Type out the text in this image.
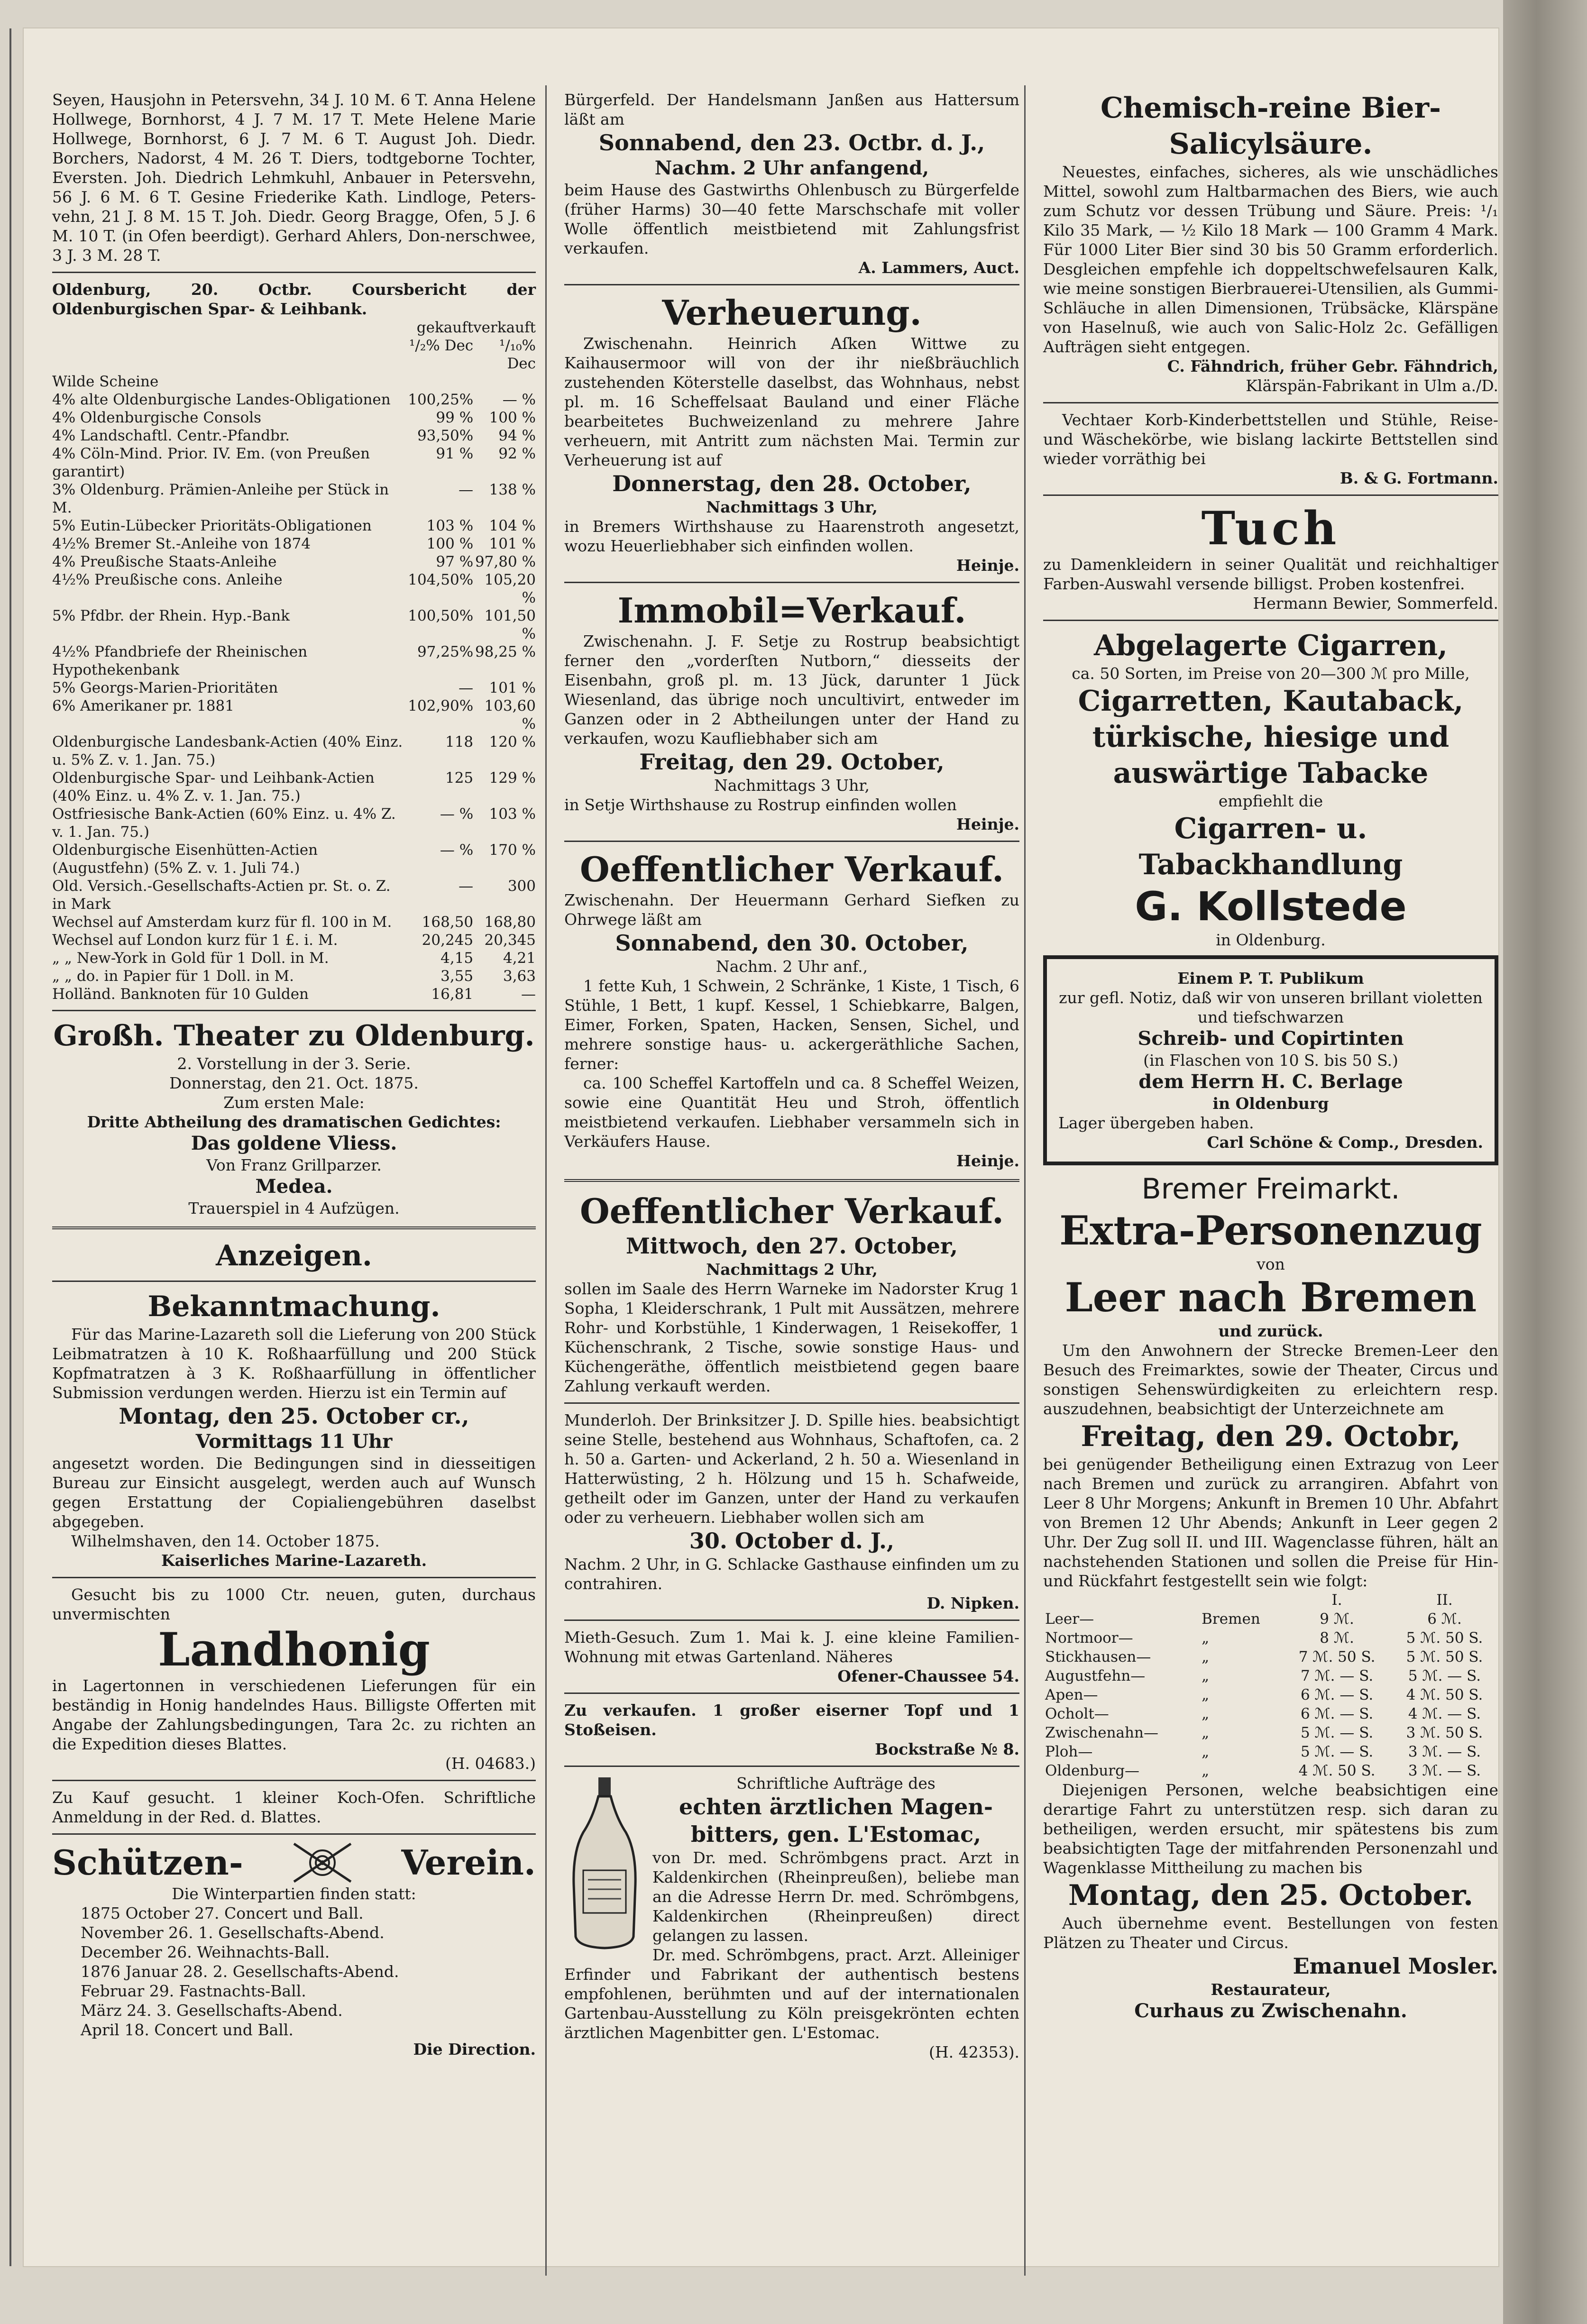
Seyen, Hausjohn in Petersvehn, 34 J. 10 M. 6 T. Anna Helene Hollwege, Bornhorst, 4 J. 7 M. 17 T. Mete Helene Marie Hollwege, Bornhorst, 6 J. 7 M. 6 T. August Joh. Diedr. Borchers, Nadorst, 4 M. 26 T. Diers, todtgeborne Tochter, Eversten. Joh. Diedrich Lehmkuhl, Anbauer in Petersvehn, 56 J. 6 M. 6 T. Gesine Friederike Kath. Lindloge, Peters-vehn, 21 J. 8 M. 15 T. Joh. Diedr. Georg Bragge, Ofen, 5 J. 6 M. 10 T. (in Ofen beerdigt). Gerhard Ahlers, Don-nerschwee, 3 J. 3 M. 28 T.

Oldenburg, 20. Octbr. Coursbericht der Oldenburgischen Spar- & Leihbank.

	gekauft ¹/₂% Dec	verkauft ¹/₁₀% Dec
Wilde Scheine		
4% alte Oldenburgische Landes-Obligationen	100,25%	— %
4% Oldenburgische Consols	99 %	100 %
4% Landschaftl. Centr.-Pfandbr.	93,50%	94 %
4% Cöln-Mind. Prior. IV. Em. (von Preußen garantirt)	91 %	92 %
3% Oldenburg. Prämien-Anleihe per Stück in M.	—	138 %
5% Eutin-Lübecker Prioritäts-Obligationen	103 %	104 %
4½% Bremer St.-Anleihe von 1874	100 %	101 %
4% Preußische Staats-Anleihe	97 %	97,80 %
4½% Preußische cons. Anleihe	104,50%	105,20 %
5% Pfdbr. der Rhein. Hyp.-Bank	100,50%	101,50 %
4½% Pfandbriefe der Rheinischen Hypothekenbank	97,25%	98,25 %
5% Georgs-Marien-Prioritäten	—	101 %
6% Amerikaner pr. 1881	102,90%	103,60 %
Oldenburgische Landesbank-Actien (40% Einz. u. 5% Z. v. 1. Jan. 75.)	118	120 %
Oldenburgische Spar- und Leihbank-Actien (40% Einz. u. 4% Z. v. 1. Jan. 75.)	125	129 %
Ostfriesische Bank-Actien (60% Einz. u. 4% Z. v. 1. Jan. 75.)	— %	103 %
Oldenburgische Eisenhütten-Actien (Augustfehn) (5% Z. v. 1. Juli 74.)	— %	170 %
Old. Versich.-Gesellschafts-Actien pr. St. o. Z. in Mark	—	300
Wechsel auf Amsterdam kurz für fl. 100 in M.	168,50	168,80
Wechsel auf London kurz für 1 £. i. M.	20,245	20,345
„ „ New-York in Gold für 1 Doll. in M.	4,15	4,21
„ „ do. in Papier für 1 Doll. in M.	3,55	3,63
Holländ. Banknoten für 10 Gulden	16,81	—
Großh. Theater zu Oldenburg.
2. Vorstellung in der 3. Serie.
Donnerstag, den 21. Oct. 1875.
Zum ersten Male:
Dritte Abtheilung des dramatischen Gedichtes:
Das goldene Vliess.
Von Franz Grillparzer.
Medea.
Trauerspiel in 4 Aufzügen.
Anzeigen.
Bekanntmachung.

Für das Marine-Lazareth soll die Lieferung von 200 Stück Leibmatratzen à 10 K. Roßhaarfüllung und 200 Stück Kopfmatratzen à 3 K. Roßhaarfüllung in öffentlicher Submission verdungen werden. Hierzu ist ein Termin auf

Montag, den 25. October cr.,
Vormittags 11 Uhr

angesetzt worden. Die Bedingungen sind in diesseitigen Bureau zur Einsicht ausgelegt, werden auch auf Wunsch gegen Erstattung der Copialiengebühren daselbst abgegeben.

Wilhelmshaven, den 14. October 1875.
Kaiserliches Marine-Lazareth.

Gesucht bis zu 1000 Ctr. neuen, guten, durchaus unvermischten

Landhonig

in Lagertonnen in verschiedenen Lieferungen für ein beständig in Honig handelndes Haus. Billigste Offerten mit Angabe der Zahlungsbedingungen, Tara 2c. zu richten an die Expedition dieses Blattes.

(H. 04683.)

Zu Kauf gesucht. 1 kleiner Koch-Ofen. Schriftliche Anmeldung in der Red. d. Blattes.

Schützen-	Verein.
Die Winterpartien finden statt:
1875 October 27. Concert und Ball.
November 26. 1. Gesellschafts-Abend.
December 26. Weihnachts-Ball.
1876 Januar 28. 2. Gesellschafts-Abend.
Februar 29. Fastnachts-Ball.
März 24. 3. Gesellschafts-Abend.
April 18. Concert und Ball.
Die Direction.

Bürgerfeld. Der Handelsmann Janßen aus Hattersum läßt am

Sonnabend, den 23. Octbr. d. J.,
Nachm. 2 Uhr anfangend,

beim Hause des Gastwirths Ohlenbusch zu Bürgerfelde (früher Harms) 30—40 fette Marschschafe mit voller Wolle öffentlich meistbietend mit Zahlungsfrist verkaufen.

A. Lammers, Auct.
Verheuerung.

Zwischenahn. Heinrich Aſken Wittwe zu Kaihausermoor will von der ihr nießbräuchlich zustehenden Köterstelle daselbst, das Wohnhaus, nebst pl. m. 16 Scheffelsaat Bauland und einer Fläche bearbeitetes Buchweizenland zu mehrere Jahre verheuern, mit Antritt zum nächsten Mai. Termin zur Verheuerung ist auf

Donnerstag, den 28. October,
Nachmittags 3 Uhr,

in Bremers Wirthshause zu Haarenstroth angesetzt, wozu Heuerliebhaber sich einfinden wollen.

Heinje.
Immobil=Verkauf.

Zwischenahn. J. F. Setje zu Rostrup beabsichtigt ferner den „vorderſten Nutborn,“ diesseits der Eisenbahn, groß pl. m. 13 Jück, darunter 1 Jück Wiesenland, das übrige noch uncultivirt, entweder im Ganzen oder in 2 Abtheilungen unter der Hand zu verkaufen, wozu Kaufliebhaber sich am

Freitag, den 29. October,
Nachmittags 3 Uhr,

in Setje Wirthshause zu Rostrup einfinden wollen

Heinje.
Oeffentlicher Verkauf.

Zwischenahn. Der Heuermann Gerhard Siefken zu Ohrwege läßt am

Sonnabend, den 30. October,
Nachm. 2 Uhr anf.,

1 fette Kuh, 1 Schwein, 2 Schränke, 1 Kiste, 1 Tisch, 6 Stühle, 1 Bett, 1 kupf. Kessel, 1 Schiebkarre, Balgen, Eimer, Forken, Spaten, Hacken, Sensen, Sichel, und mehrere sonstige haus- u. ackergeräthliche Sachen, ferner:

ca. 100 Scheffel Kartoffeln und ca. 8 Scheffel Weizen, sowie eine Quantität Heu und Stroh, öffentlich meistbietend verkaufen. Liebhaber versammeln sich in Verkäufers Hause.

Heinje.
Oeffentlicher Verkauf.
Mittwoch, den 27. October,
Nachmittags 2 Uhr,

sollen im Saale des Herrn Warneke im Nadorster Krug 1 Sopha, 1 Kleiderschrank, 1 Pult mit Aussätzen, mehrere Rohr- und Korbstühle, 1 Kinderwagen, 1 Reisekoffer, 1 Küchenschrank, 2 Tische, sowie sonstige Haus- und Küchengeräthe, öffentlich meistbietend gegen baare Zahlung verkauft werden.

Munderloh. Der Brinksitzer J. D. Spille hies. beabsichtigt seine Stelle, bestehend aus Wohnhaus, Schaftofen, ca. 2 h. 50 a. Garten- und Ackerland, 2 h. 50 a. Wiesenland in Hatterwüsting, 2 h. Hölzung und 15 h. Schafweide, getheilt oder im Ganzen, unter der Hand zu verkaufen oder zu verheuern. Liebhaber wollen sich am

30. October d. J.,

Nachm. 2 Uhr, in G. Schlacke Gasthause einfinden um zu contrahiren.

D. Nipken.

Mieth-Gesuch. Zum 1. Mai k. J. eine kleine Familien-Wohnung mit etwas Gartenland. Näheres

Ofener-Chaussee 54.

Zu verkaufen. 1 großer eiserner Topf und 1 Stoßeisen.

Bockstraße № 8.
Schriftliche Aufträge des
echten ärztlichen Magen-
bitters, gen. L'Estomac,

von Dr. med. Schrömbgens pract. Arzt in Kaldenkirchen (Rheinpreußen), beliebe man an die Adresse Herrn Dr. med. Schrömbgens, Kaldenkirchen (Rheinpreußen) direct gelangen zu lassen.

Dr. med. Schrömbgens, pract. Arzt. Alleiniger Erfinder und Fabrikant der authentisch bestens empfohlenen, berühmten und auf der internationalen Gartenbau-Ausstellung zu Köln preisgekrönten echten ärztlichen Magenbitter gen. L'Estomac.

(H. 42353).
Chemisch-reine Bier-Salicylsäure.

Neuestes, einfaches, sicheres, als wie unschädliches Mittel, sowohl zum Haltbarmachen des Biers, wie auch zum Schutz vor dessen Trübung und Säure. Preis: ¹/₁ Kilo 35 Mark, — ½ Kilo 18 Mark — 100 Gramm 4 Mark. Für 1000 Liter Bier sind 30 bis 50 Gramm erforderlich. Desgleichen empfehle ich doppeltschwefelsauren Kalk, wie meine sonstigen Bierbrauerei-Utensilien, als Gummi-Schläuche in allen Dimensionen, Trübsäcke, Klärspäne von Haselnuß, wie auch von Salic-Holz 2c. Gefälligen Aufträgen sieht entgegen.

C. Fähndrich, früher Gebr. Fähndrich,
Klärspän-Fabrikant in Ulm a./D.

Vechtaer Korb-Kinderbettstellen und Stühle, Reise- und Wäschekörbe, wie bislang lackirte Bettstellen sind wieder vorräthig bei

B. & G. Fortmann.
Tuch

zu Damenkleidern in seiner Qualität und reichhaltiger Farben-Auswahl versende billigst. Proben kostenfrei.

Hermann Bewier, Sommerfeld.
Abgelagerte Cigarren,
ca. 50 Sorten, im Preise von 20—300 ℳ pro Mille,
Cigarretten, Kautaback,
türkische, hiesige und
auswärtige Tabacke
empfiehlt die
Cigarren- u. Tabackhandlung
G. Kollstede
in Oldenburg.
Einem P. T. Publikum
zur gefl. Notiz, daß wir von unseren brillant violetten und tiefschwarzen
Schreib- und Copirtinten
(in Flaschen von 10 S. bis 50 S.)
dem Herrn H. C. Berlage
in Oldenburg
Lager übergeben haben.
Carl Schöne & Comp., Dresden.
Bremer Freimarkt.
Extra-Personenzug
von
Leer nach Bremen
und zurück.

Um den Anwohnern der Strecke Bremen-Leer den Besuch des Freimarktes, sowie der Theater, Circus und sonstigen Sehenswürdigkeiten zu erleichtern resp. auszudehnen, beabsichtigt der Unterzeichnete am

Freitag, den 29. Octobr,

bei genügender Betheiligung einen Extrazug von Leer nach Bremen und zurück zu arrangiren. Abfahrt von Leer 8 Uhr Morgens; Ankunft in Bremen 10 Uhr. Abfahrt von Bremen 12 Uhr Abends; Ankunft in Leer gegen 2 Uhr. Der Zug soll II. und III. Wagenclasse führen, hält an nachstehenden Stationen und sollen die Preise für Hin- und Rückfahrt festgestellt sein wie folgt:

		I.	II.
Leer—	Bremen	9 ℳ.	6 ℳ.
Nortmoor—	„	8 ℳ.	5 ℳ. 50 S.
Stickhausen—	„	7 ℳ. 50 S.	5 ℳ. 50 S.
Augustfehn—	„	7 ℳ. — S.	5 ℳ. — S.
Apen—	„	6 ℳ. — S.	4 ℳ. 50 S.
Ocholt—	„	6 ℳ. — S.	4 ℳ. — S.
Zwischenahn—	„	5 ℳ. — S.	3 ℳ. 50 S.
Ploh—	„	5 ℳ. — S.	3 ℳ. — S.
Oldenburg—	„	4 ℳ. 50 S.	3 ℳ. — S.

Diejenigen Personen, welche beabsichtigen eine derartige Fahrt zu unterstützen resp. sich daran zu betheiligen, werden ersucht, mir spätestens bis zum beabsichtigten Tage der mitfahrenden Personenzahl und Wagenklasse Mittheilung zu machen bis

Montag, den 25. October.

Auch übernehme event. Bestellungen von festen Plätzen zu Theater und Circus.

Emanuel Mosler.
Restaurateur,
Curhaus zu Zwischenahn.
